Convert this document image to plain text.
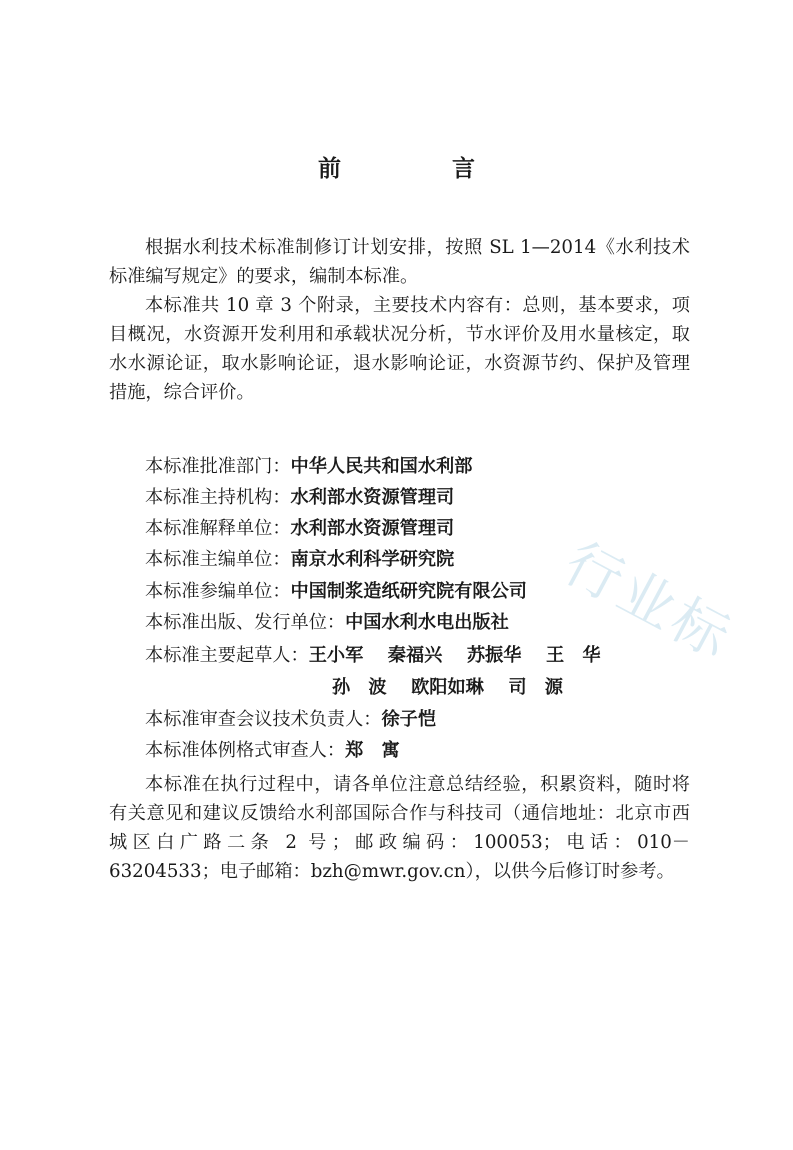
行业标
前　言
根据水利技术标准制修订计划安排，按照 SL 1—2014《水利技术标准编写规定》的要求，编制本标准。
本标准共 10 章 3 个附录，主要技术内容有：总则，基本要求，项目概况，水资源开发利用和承载状况分析，节水评价及用水量核定，取水水源论证，取水影响论证，退水影响论证，水资源节约、保护及管理措施，综合评价。
本标准批准部门：中华人民共和国水利部
本标准主持机构：水利部水资源管理司
本标准解释单位：水利部水资源管理司
本标准主编单位：南京水利科学研究院
本标准参编单位：中国制浆造纸研究院有限公司
本标准出版、发行单位：中国水利水电出版社
本标准主要起草人：王小军　 秦福兴　 苏振华　 王　华
孙　波　 欧阳如琳　 司　源
本标准审查会议技术负责人：徐子恺
本标准体例格式审查人：郑　寓
本标准在执行过程中，请各单位注意总结经验，积累资料，随时将有关意见和建议反馈给水利部国际合作与科技司（通信地址：北京市西城区白广路二条 2 号；邮政编码：100053；电话：010－63204533；电子邮箱：bzh@mwr.gov.cn），以供今后修订时参考。
